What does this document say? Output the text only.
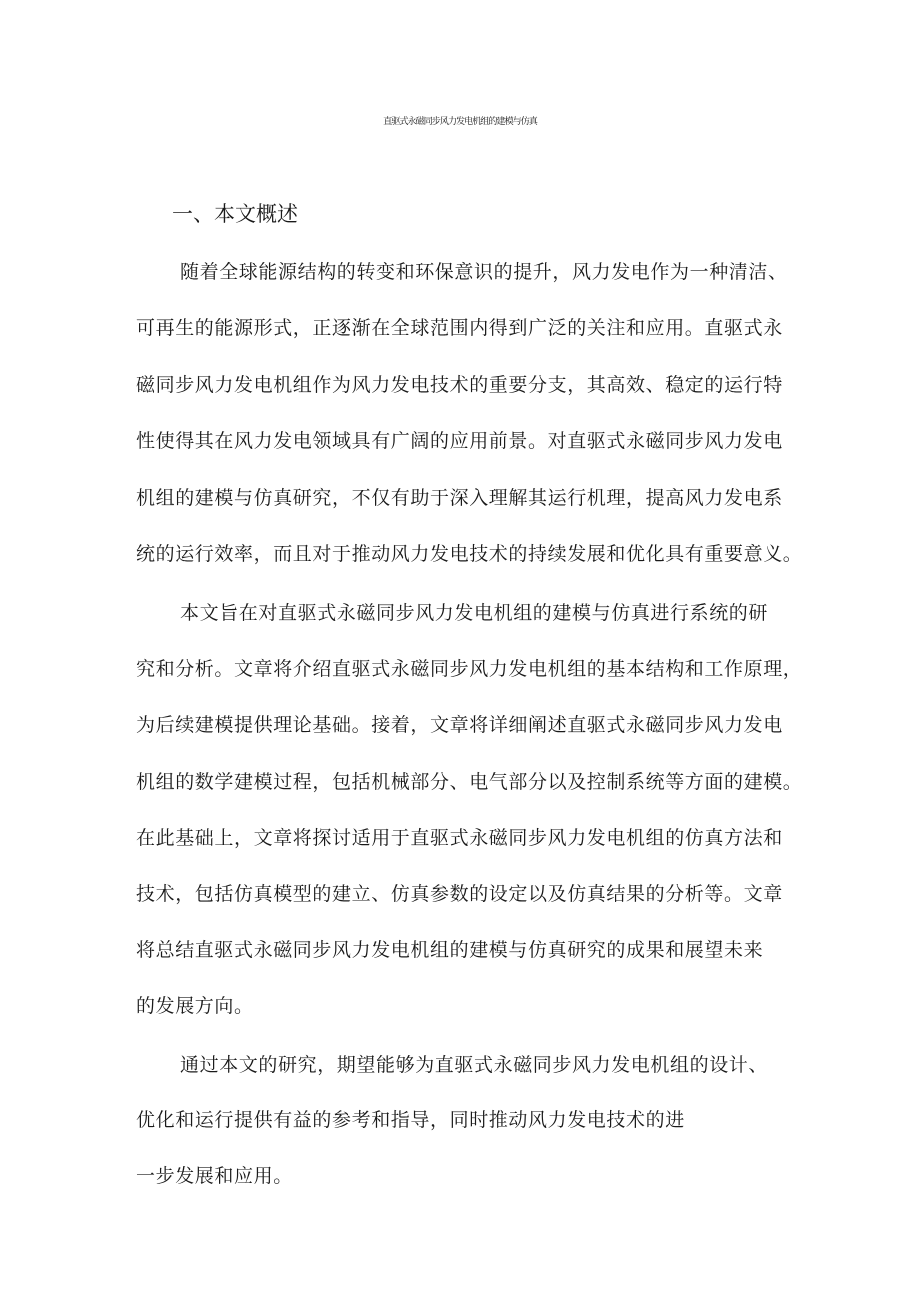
直驱式永磁同步风力发电机组的建模与仿真
一、本文概述
随着全球能源结构的转变和环保意识的提升，风力发电作为一种清洁、
可再生的能源形式，正逐渐在全球范围内得到广泛的关注和应用。直驱式永
磁同步风力发电机组作为风力发电技术的重要分支，其高效、稳定的运行特
性使得其在风力发电领域具有广阔的应用前景。对直驱式永磁同步风力发电
机组的建模与仿真研究，不仅有助于深入理解其运行机理，提高风力发电系
统的运行效率，而且对于推动风力发电技术的持续发展和优化具有重要意义。
本文旨在对直驱式永磁同步风力发电机组的建模与仿真进行系统的研
究和分析。文章将介绍直驱式永磁同步风力发电机组的基本结构和工作原理，
为后续建模提供理论基础。接着，文章将详细阐述直驱式永磁同步风力发电
机组的数学建模过程，包括机械部分、电气部分以及控制系统等方面的建模。
在此基础上，文章将探讨适用于直驱式永磁同步风力发电机组的仿真方法和
技术，包括仿真模型的建立、仿真参数的设定以及仿真结果的分析等。文章
将总结直驱式永磁同步风力发电机组的建模与仿真研究的成果和展望未来
的发展方向。
通过本文的研究，期望能够为直驱式永磁同步风力发电机组的设计、
优化和运行提供有益的参考和指导，同时推动风力发电技术的进
一步发展和应用。
